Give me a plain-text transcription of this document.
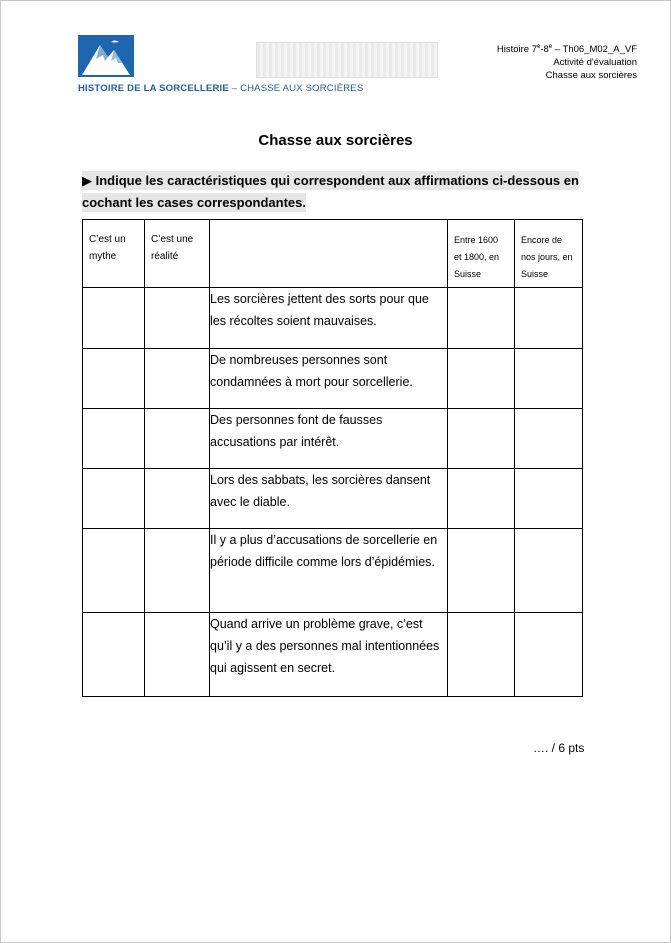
HISTOIRE DE LA SORCELLERIE – CHASSE AUX SORCIÈRES
Histoire 7e-8e – Th06_M02_A_VF
Activité d'évaluation
Chasse aux sorcières
Chasse aux sorcières
▶ Indique les caractéristiques qui correspondent aux affirmations ci-dessous en cochant les cases correspondantes.
C’est un mythe	C’est une réalité		Entre 1600 et 1800, en Suisse	Encore de nos jours, en Suisse
		Les sorcières jettent des sorts pour que les récoltes soient mauvaises.		
		De nombreuses personnes sont condamnées à mort pour sorcellerie.		
		Des personnes font de fausses accusations par intérêt.		
		Lors des sabbats, les sorcières dansent avec le diable.		
		Il y a plus d’accusations de sorcellerie en période difficile comme lors d’épidémies.		
		Quand arrive un problème grave, c’est qu’il y a des personnes mal intentionnées qui agissent en secret.		
…. / 6 pts
